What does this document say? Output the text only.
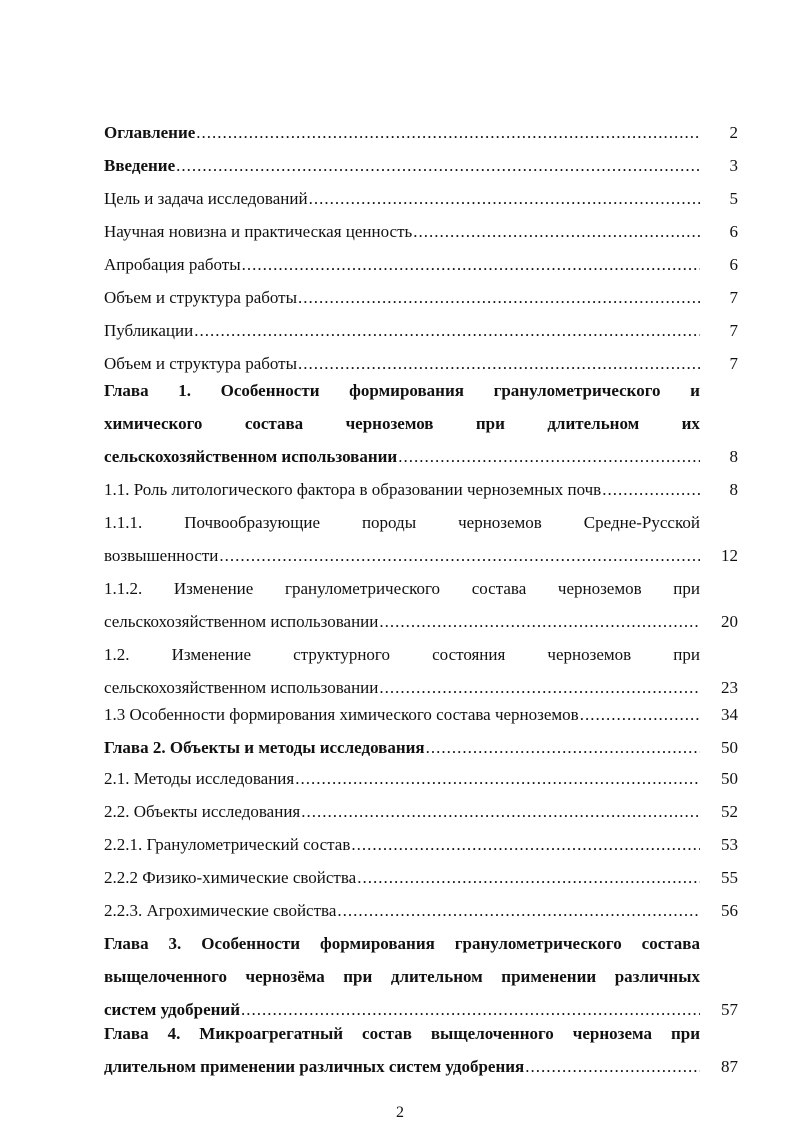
Оглавление .....	2
Введение .....	3
Цель и задача исследований .....	5
Научная новизна и практическая ценность .....	6
Апробация работы .....	6
Объем и структура работы .....	7
Публикации .....	7
Объем и структура работы .....	7
Глава 1. Особенности формирования гранулометрического и
химического состава черноземов при длительном их
сельскохозяйственном использовании .....	8
1.1. Роль литологического фактора в образовании черноземных почв .....	8
1.1.1. Почвообразующие породы черноземов Средне-Русской
возвышенности .....	12
1.1.2. Изменение гранулометрического состава черноземов при
сельскохозяйственном использовании .....	20
1.2. Изменение структурного состояния черноземов при
сельскохозяйственном использовании .....	23
1.3 Особенности формирования химического состава черноземов .....	34
Глава 2. Объекты и методы исследования .....	50
2.1. Методы исследования .....	50
2.2. Объекты исследования .....	52
2.2.1. Гранулометрический состав .....	53
2.2.2 Физико-химические свойства .....	55
2.2.3. Агрохимические свойства .....	56
Глава 3. Особенности формирования гранулометрического состава
выщелоченного чернозёма при длительном применении различных
систем удобрений .....	57
Глава 4. Микроагрегатный состав выщелоченного чернозема при
длительном применении различных систем удобрения .....	87
2
